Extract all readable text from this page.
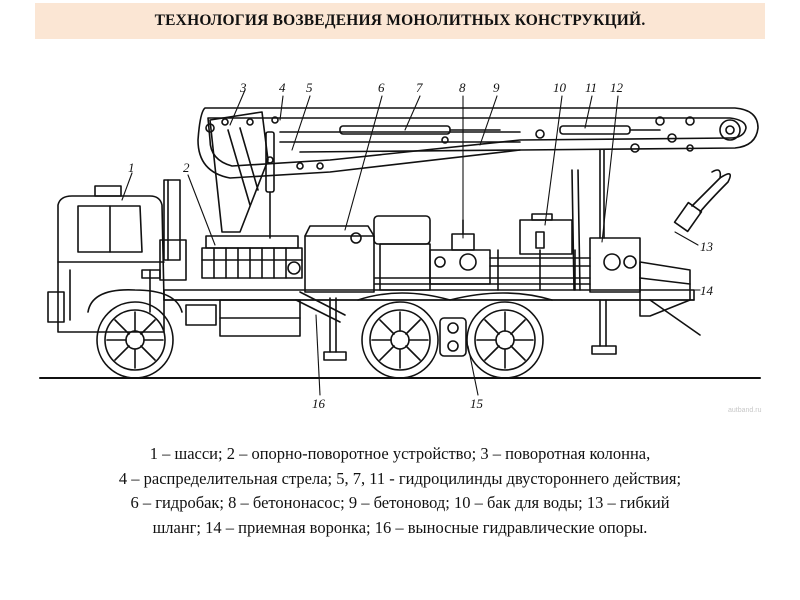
ТЕХНОЛОГИЯ ВОЗВЕДЕНИЯ МОНОЛИТНЫХ КОНСТРУКЦИЙ.
1	2
3	4 5	6 7	8 9	10 11 12
13
14
15
16	autband.ru
1 – шасси; 2 – опорно-поворотное устройство; 3 – поворотная колонна,
4 – распределительная стрела; 5, 7, 11 - гидроцилинды двустороннего действия;
6 – гидробак; 8 – бетононасос; 9 – бетоновод; 10 – бак для воды; 13 – гибкий
шланг; 14 – приемная воронка; 16 – выносные гидравлические опоры.
